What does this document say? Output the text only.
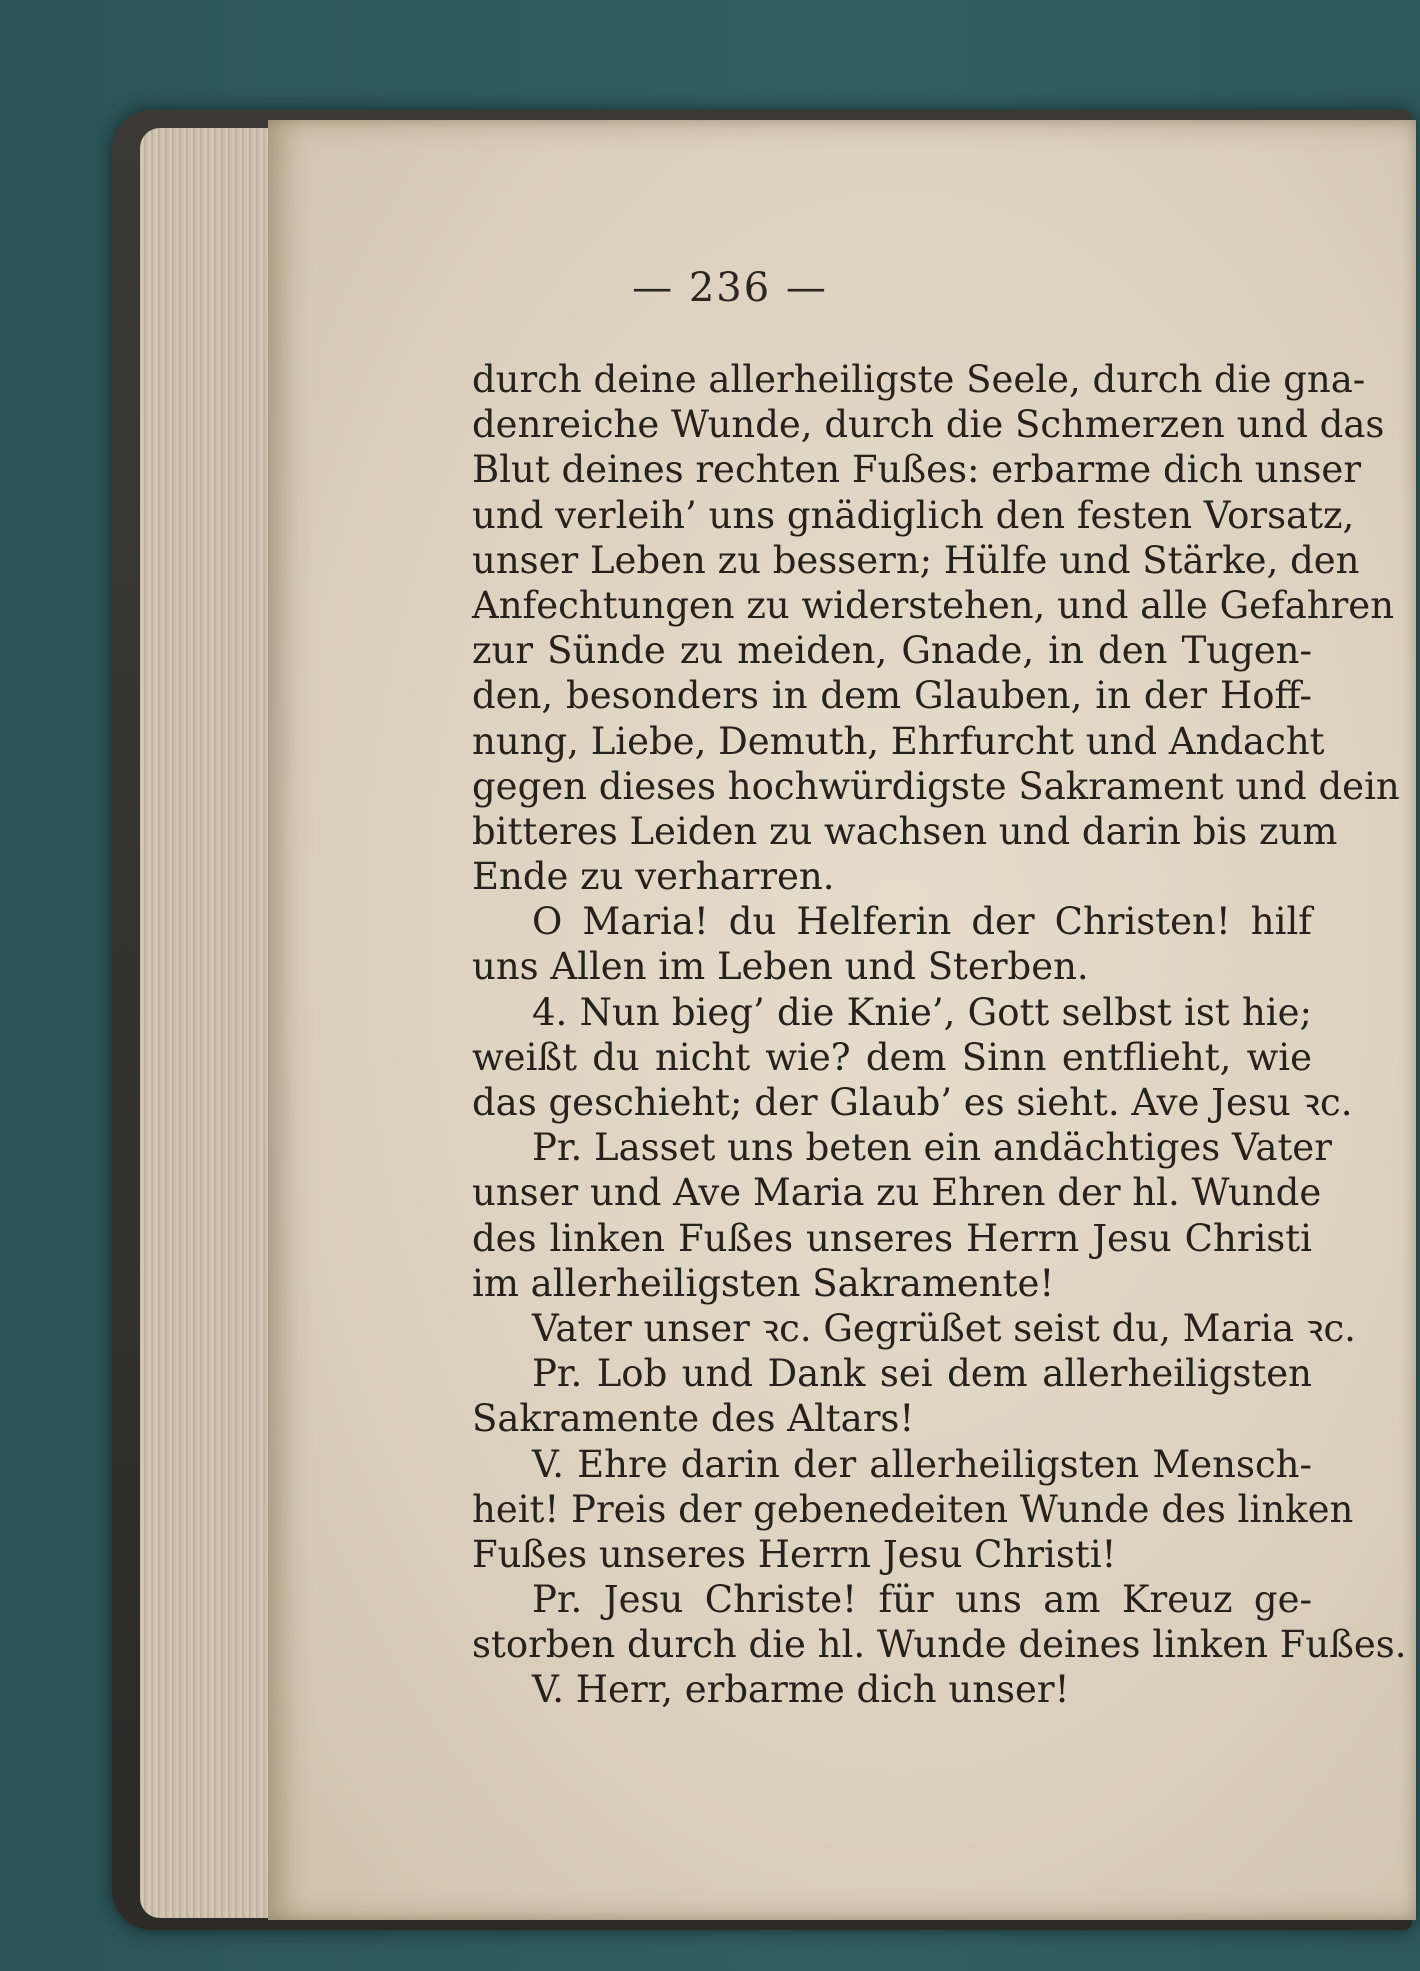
— 236 —
durch deine allerheiligste Seele, durch die gna-
denreiche Wunde, durch die Schmerzen und das
Blut deines rechten Fußes: erbarme dich unser
und verleih’ uns gnädiglich den festen Vorsatz,
unser Leben zu bessern; Hülfe und Stärke, den
Anfechtungen zu widerstehen, und alle Gefahren
zur Sünde zu meiden, Gnade, in den Tugen-
den, besonders in dem Glauben, in der Hoff-
nung, Liebe, Demuth, Ehrfurcht und Andacht
gegen dieses hochwürdigste Sakrament und dein
bitteres Leiden zu wachsen und darin bis zum
Ende zu verharren.
O Maria! du Helferin der Christen! hilf
uns Allen im Leben und Sterben.
4. Nun bieg’ die Knie’, Gott selbst ist hie;
weißt du nicht wie? dem Sinn entflieht, wie
das geschieht; der Glaub’ es sieht. Ave Jesu ꝛc.
Pr. Lasset uns beten ein andächtiges Vater
unser und Ave Maria zu Ehren der hl. Wunde
des linken Fußes unseres Herrn Jesu Christi
im allerheiligsten Sakramente!
Vater unser ꝛc. Gegrüßet seist du, Maria ꝛc.
Pr. Lob und Dank sei dem allerheiligsten
Sakramente des Altars!
V. Ehre darin der allerheiligsten Mensch-
heit! Preis der gebenedeiten Wunde des linken
Fußes unseres Herrn Jesu Christi!
Pr. Jesu Christe! für uns am Kreuz ge-
storben durch die hl. Wunde deines linken Fußes.
V. Herr, erbarme dich unser!
